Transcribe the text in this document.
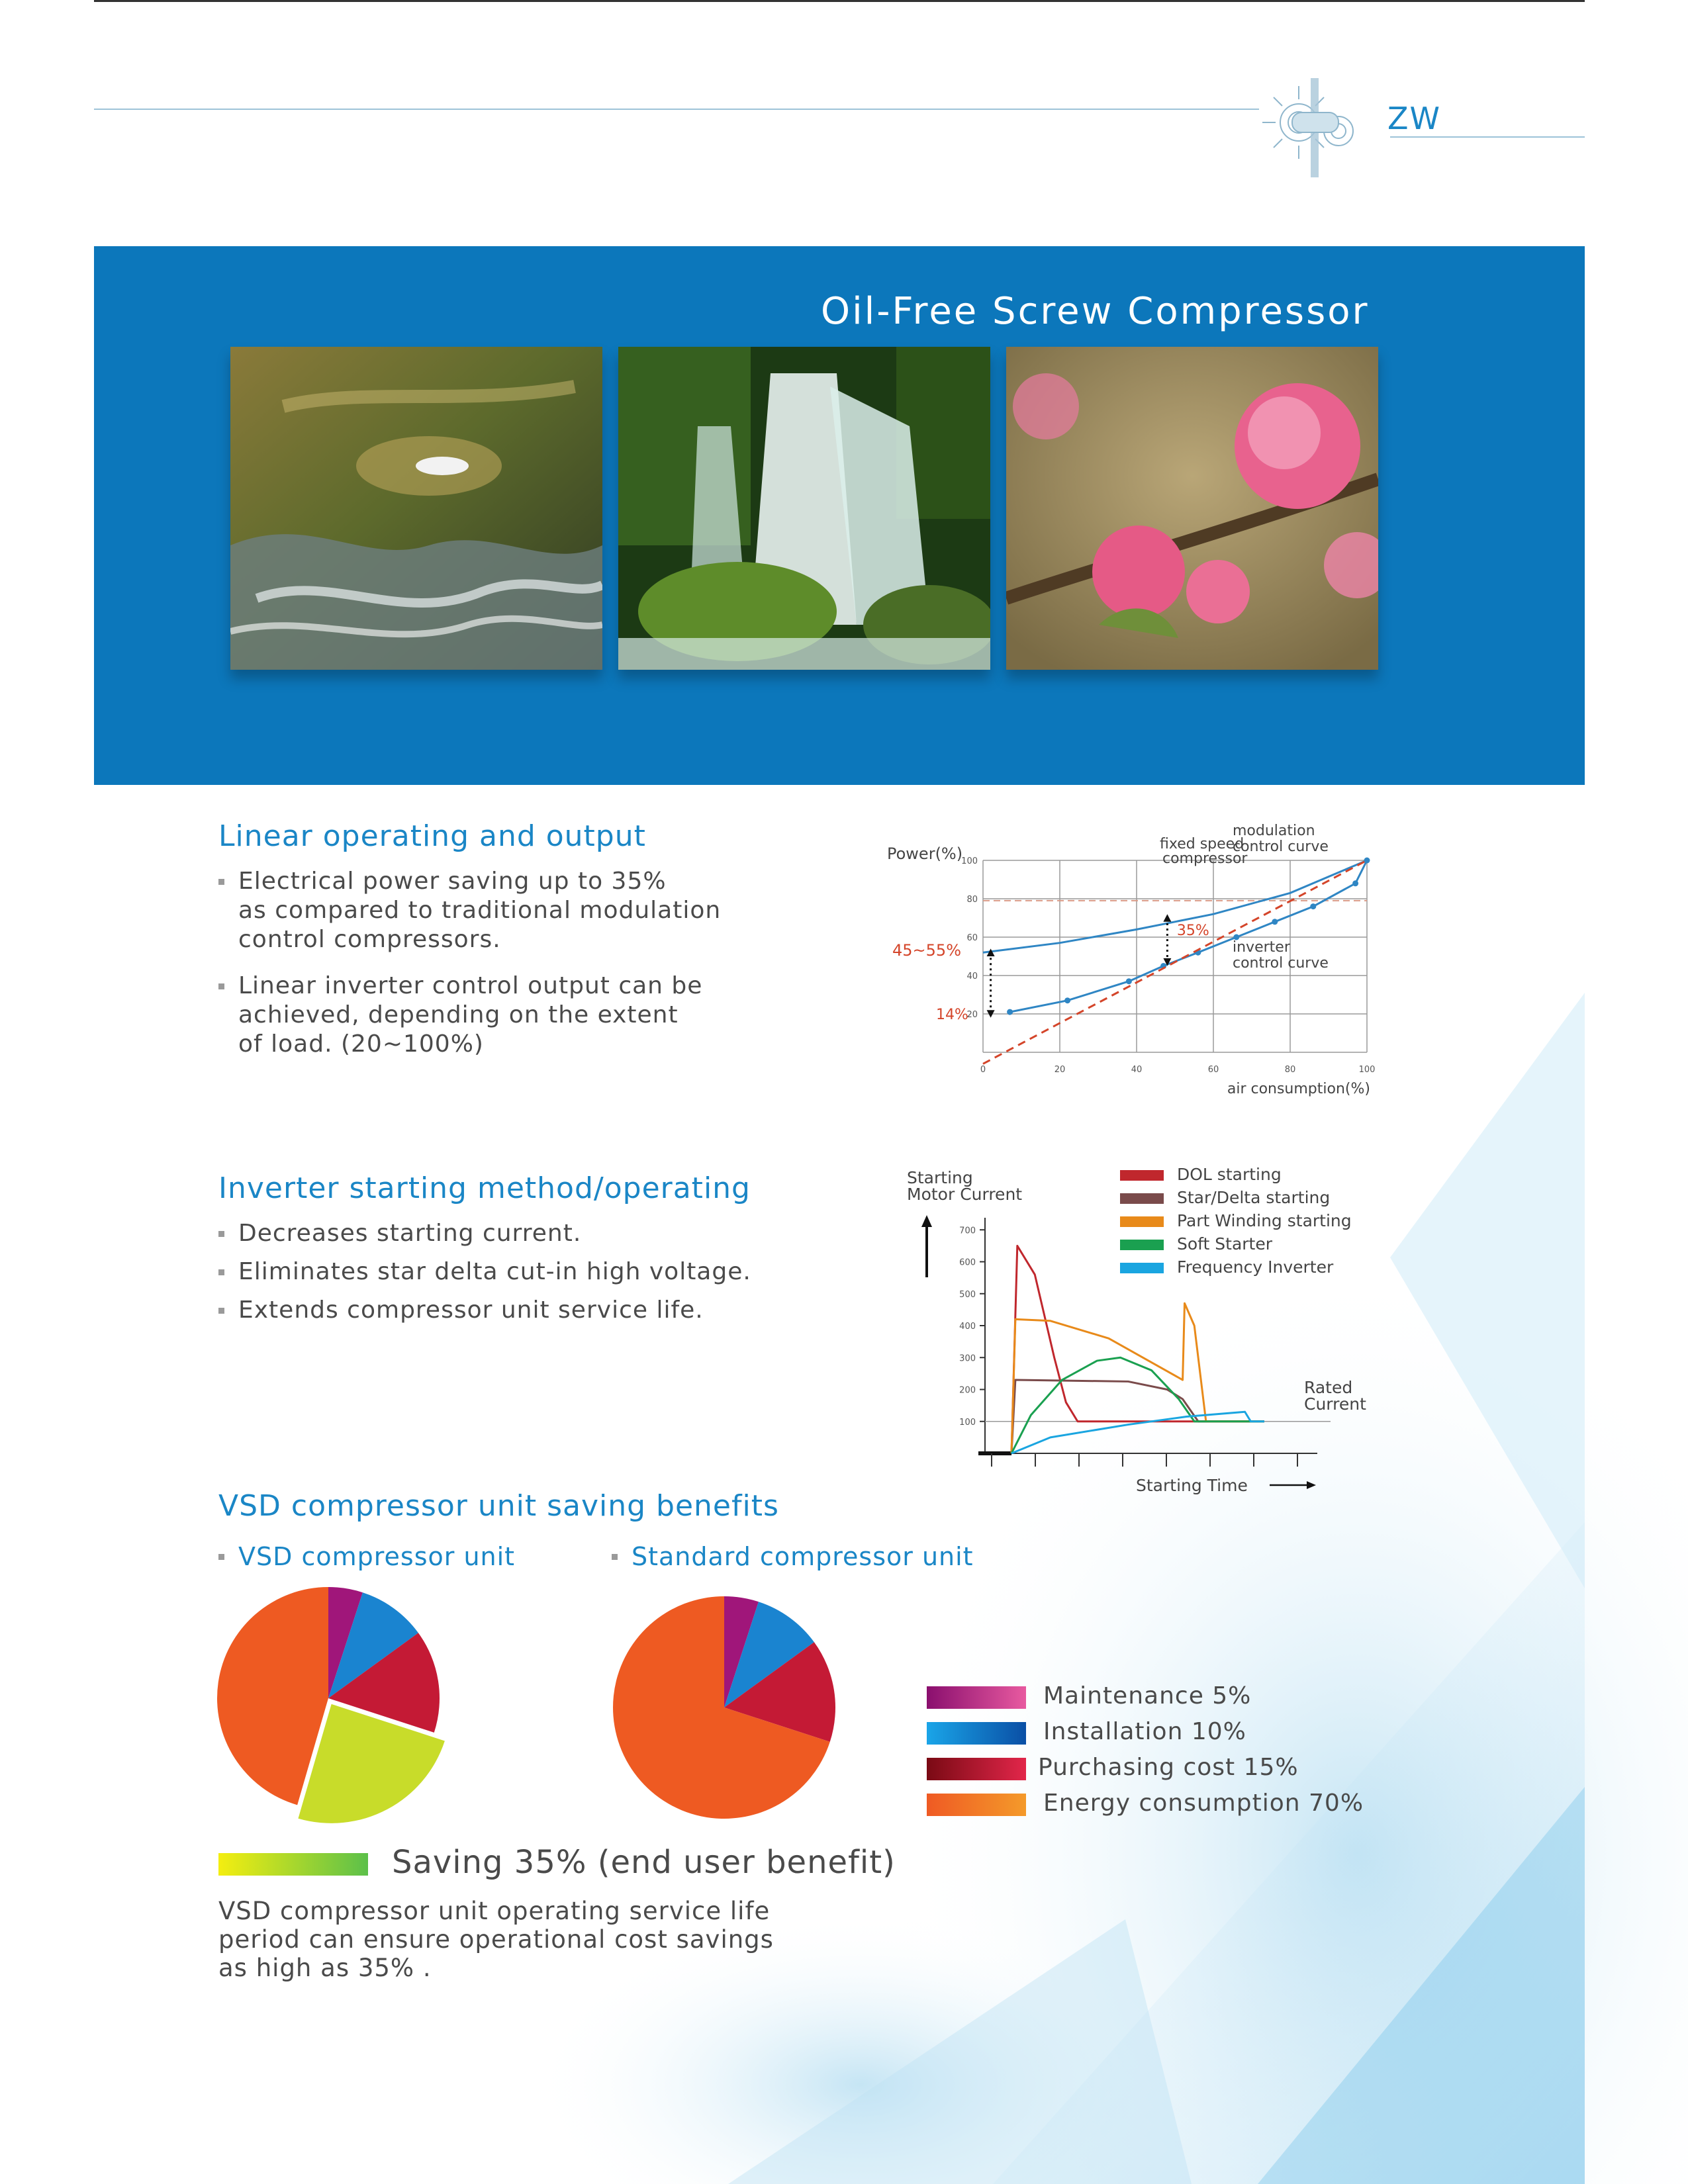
ZW
Oil-Free Screw Compressor
Linear operating and output
Electrical power saving up to 35%
as compared to traditional modulation
control compressors.
Linear inverter control output can be
achieved, depending on the extent
of load. (20~100%)
0	20	40	60	80	100
20
40
60
80
100
Power(%)
air consumption(%)
fixed speed
compressor
modulation
control curve
inverter
control curve
35%
45~55%
14%
Inverter starting method/operating
Decreases starting current.
Eliminates star delta cut-in high voltage.
Extends compressor unit service life.
100
200
300
400
500
600
700
Starting
Motor Current
Starting Time
Rated
Current
DOL starting
Star/Delta starting
Part Winding starting
Soft Starter
Frequency Inverter
VSD compressor unit saving benefits
VSD compressor unit	Standard compressor unit
Maintenance 5%
Installation 10%
Purchasing cost 15%
Energy consumption 70%
Saving 35% (end user benefit)
VSD compressor unit operating service life
period can ensure operational cost savings
as high as 35% .
